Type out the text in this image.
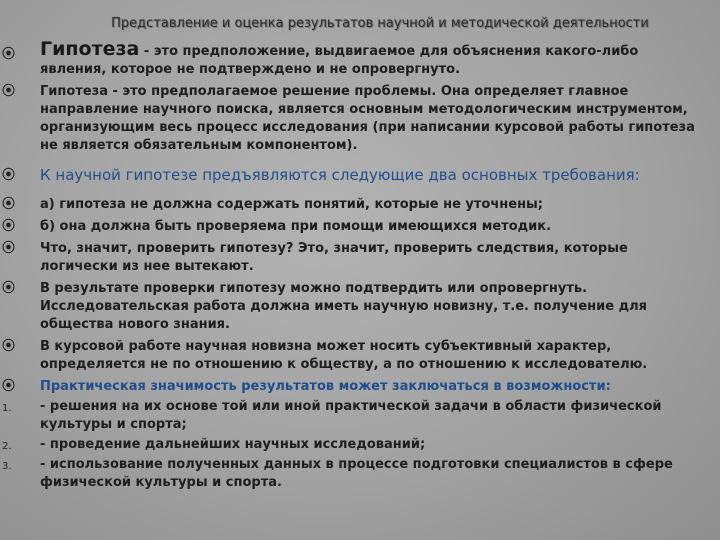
Представление и оценка результатов научной и методической деятельности
⦿	Гипотеза - это предположение, выдвигаемое для объяснения какого-либо явления, которое не подтверждено и не опровергнуто.
⦿	Гипотеза - это предполагаемое решение проблемы. Она определяет главное направление научного поиска, является основным методологическим инструментом, организующим весь процесс исследования (при написании курсовой работы гипотеза не является обязательным компонентом).
⦿	К научной гипотезе предъявляются следующие два основных требования:
⦿	а) гипотеза не должна содержать понятий, которые не уточнены;
⦿	б) она должна быть проверяема при помощи имеющихся методик.
⦿	Что, значит, проверить гипотезу? Это, значит, проверить следствия, которые логически из нее вытекают.
⦿	В результате проверки гипотезу можно подтвердить или опровергнуть. Исследовательская работа должна иметь научную новизну, т.е. получение для общества нового знания.
⦿	В курсовой работе научная новизна может носить субъективный характер, определяется не по отношению к обществу, а по отношению к исследователю.
⦿	Практическая значимость результатов может заключаться в возможности:
1.	- решения на их основе той или иной практической задачи в области физической культуры и спорта;
2.	- проведение дальнейших научных исследований;
3.	- использование полученных данных в процессе подготовки специалистов в сфере физической культуры и спорта.
